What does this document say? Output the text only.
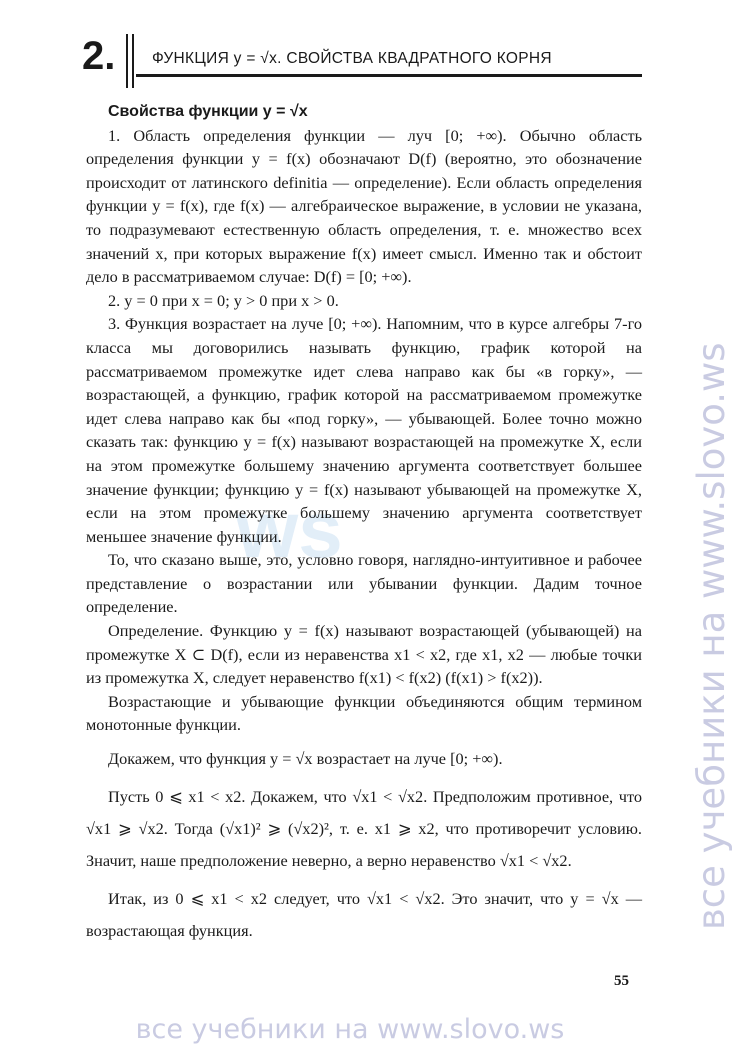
ws
2. ФУНКЦИЯ y = √x. СВОЙСТВА КВАДРАТНОГО КОРНЯ

Свойства функции y = √x

1. Область определения функции — луч [0; +∞). Обычно область определения функции y = f(x) обозначают D(f) (вероятно, это обозначение происходит от латинского definitia — определение). Если область определения функции y = f(x), где f(x) — алгебраическое выражение, в условии не указана, то подразумевают естественную область определения, т. е. множество всех значений x, при которых выражение f(x) имеет смысл. Именно так и обстоит дело в рассматриваемом случае: D(f) = [0; +∞).

2. y = 0 при x = 0; y > 0 при x > 0.

3. Функция возрастает на луче [0; +∞). Напомним, что в курсе алгебры 7-го класса мы договорились называть функцию, график которой на рассматриваемом промежутке идет слева направо как бы «в горку», — возрастающей, а функцию, график которой на рассматриваемом промежутке идет слева направо как бы «под горку», — убывающей. Более точно можно сказать так: функцию y = f(x) называют возрастающей на промежутке X, если на этом промежутке большему значению аргумента соответствует большее значение функции; функцию y = f(x) называют убывающей на промежутке X, если на этом промежутке большему значению аргумента соответствует меньшее значение функции.

То, что сказано выше, это, условно говоря, наглядно-интуитивное и рабочее представление о возрастании или убывании функции. Дадим точное определение.

Определение. Функцию y = f(x) называют возрастающей (убывающей) на промежутке X ⊂ D(f), если из неравенства x1 < x2, где x1, x2 — любые точки из промежутка X, следует неравенство f(x1) < f(x2) (f(x1) > f(x2)).

Возрастающие и убывающие функции объединяются общим термином монотонные функции.

Докажем, что функция y = √x возрастает на луче [0; +∞).

Пусть 0 ⩽ x1 < x2. Докажем, что √x1 < √x2. Предположим противное, что √x1 ⩾ √x2. Тогда (√x1)² ⩾ (√x2)², т. е. x1 ⩾ x2, что противоречит условию. Значит, наше предположение неверно, а верно неравенство √x1 < √x2.

Итак, из 0 ⩽ x1 < x2 следует, что √x1 < √x2. Это значит, что y = √x — возрастающая функция.

55
все учебники на www.slovo.ws
все учебники на www.slovo.ws
